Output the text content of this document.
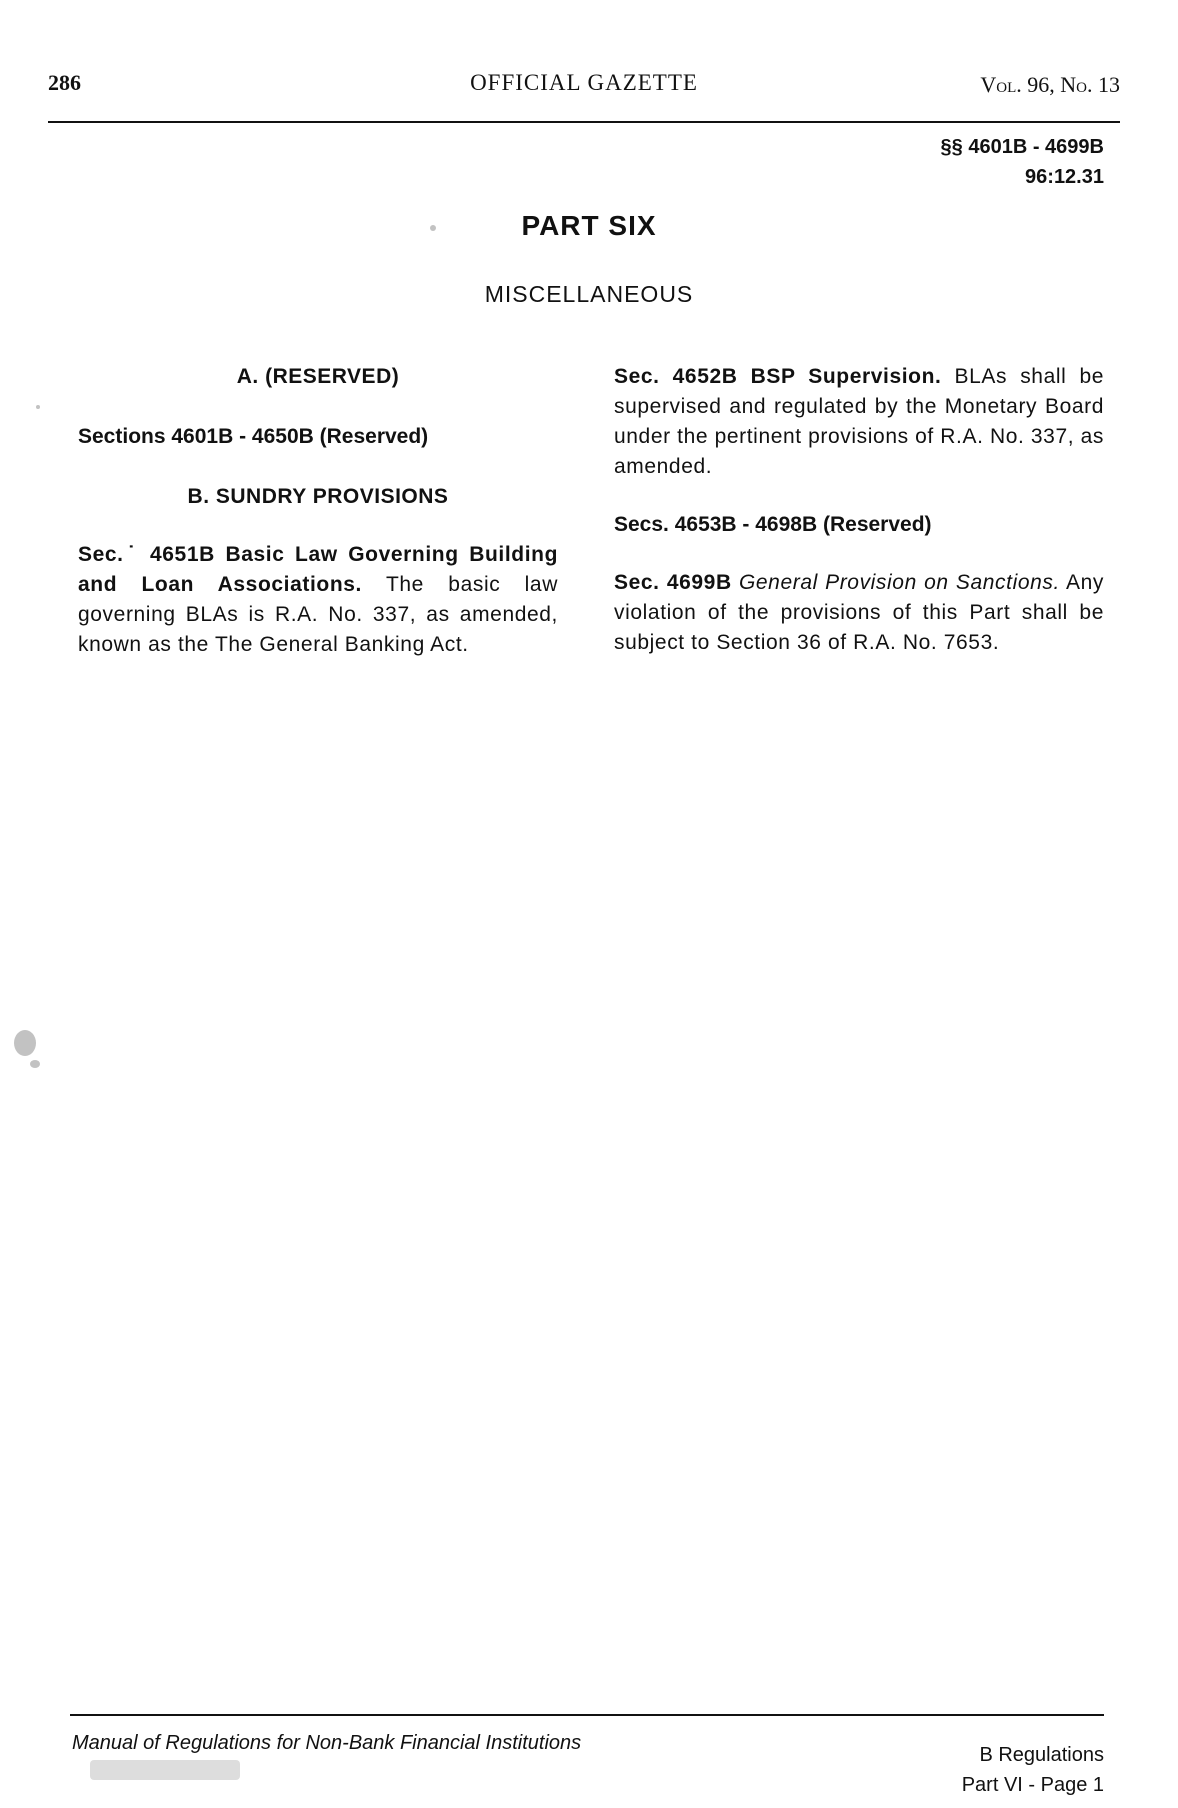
286	OFFICIAL GAZETTE	Vol. 96, No. 13
§§ 4601B - 4699B
96:12.31
PART SIX
MISCELLANEOUS
A. (RESERVED)
Sections 4601B - 4650B (Reserved)
B. SUNDRY PROVISIONS
Sec.˙ 4651B Basic Law Governing Building and Loan Associations. The basic law governing BLAs is R.A. No. 337, as amended, known as the The General Banking Act.
Sec. 4652B BSP Supervision. BLAs shall be supervised and regulated by the Monetary Board under the pertinent provisions of R.A. No. 337, as amended.
Secs. 4653B - 4698B (Reserved)
Sec. 4699B General Provision on Sanctions. Any violation of the provisions of this Part shall be subject to Section 36 of R.A. No. 7653.
Manual of Regulations for Non-Bank Financial Institutions
B Regulations
Part VI - Page 1
